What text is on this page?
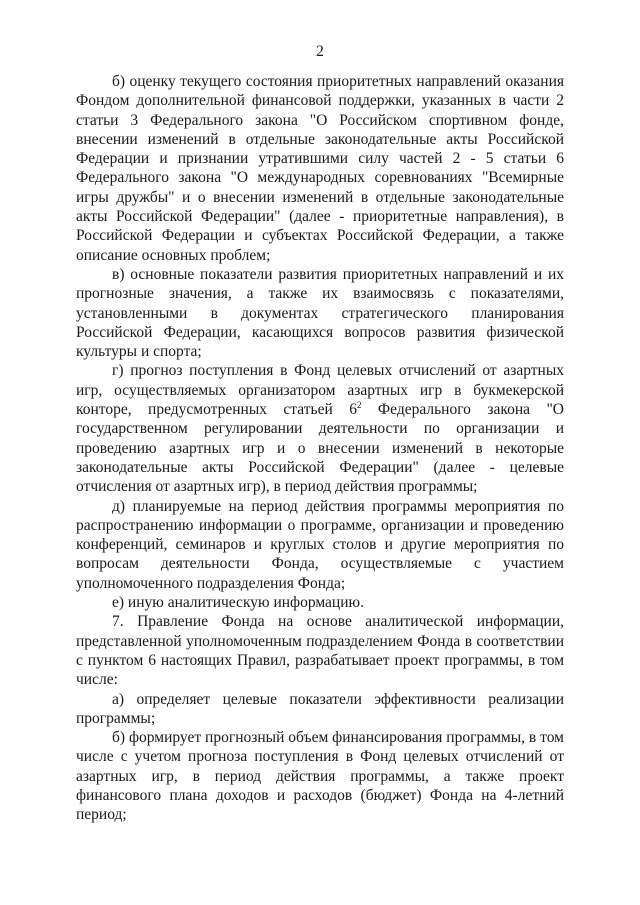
2

б) оценку текущего состояния приоритетных направлений оказания Фондом дополнительной финансовой поддержки, указанных в части 2 статьи 3 Федерального закона "О Российском спортивном фонде, внесении изменений в отдельные законодательные акты Российской Федерации и признании утратившими силу частей 2 - 5 статьи 6 Федерального закона "О международных соревнованиях "Всемирные игры дружбы" и о внесении изменений в отдельные законодательные акты Российской Федерации" (далее - приоритетные направления), в Российской Федерации и субъектах Российской Федерации, а также описание основных проблем;

в) основные показатели развития приоритетных направлений и их прогнозные значения, а также их взаимосвязь с показателями, установленными в документах стратегического планирования Российской Федерации, касающихся вопросов развития физической культуры и спорта;

г) прогноз поступления в Фонд целевых отчислений от азартных игр, осуществляемых организатором азартных игр в букмекерской конторе, предусмотренных статьей $6^2$ Федерального закона "О государственном регулировании деятельности по организации и проведению азартных игр и о внесении изменений в некоторые законодательные акты Российской Федерации" (далее - целевые отчисления от азартных игр), в период действия программы;

д) планируемые на период действия программы мероприятия по распространению информации о программе, организации и проведению конференций, семинаров и круглых столов и другие мероприятия по вопросам деятельности Фонда, осуществляемые с участием уполномоченного подразделения Фонда;

е) иную аналитическую информацию.

7. Правление Фонда на основе аналитической информации, представленной уполномоченным подразделением Фонда в соответствии с пунктом 6 настоящих Правил, разрабатывает проект программы, в том числе:

а) определяет целевые показатели эффективности реализации программы;

б) формирует прогнозный объем финансирования программы, в том числе с учетом прогноза поступления в Фонд целевых отчислений от азартных игр, в период действия программы, а также проект финансового плана доходов и расходов (бюджет) Фонда на 4-летний период;
